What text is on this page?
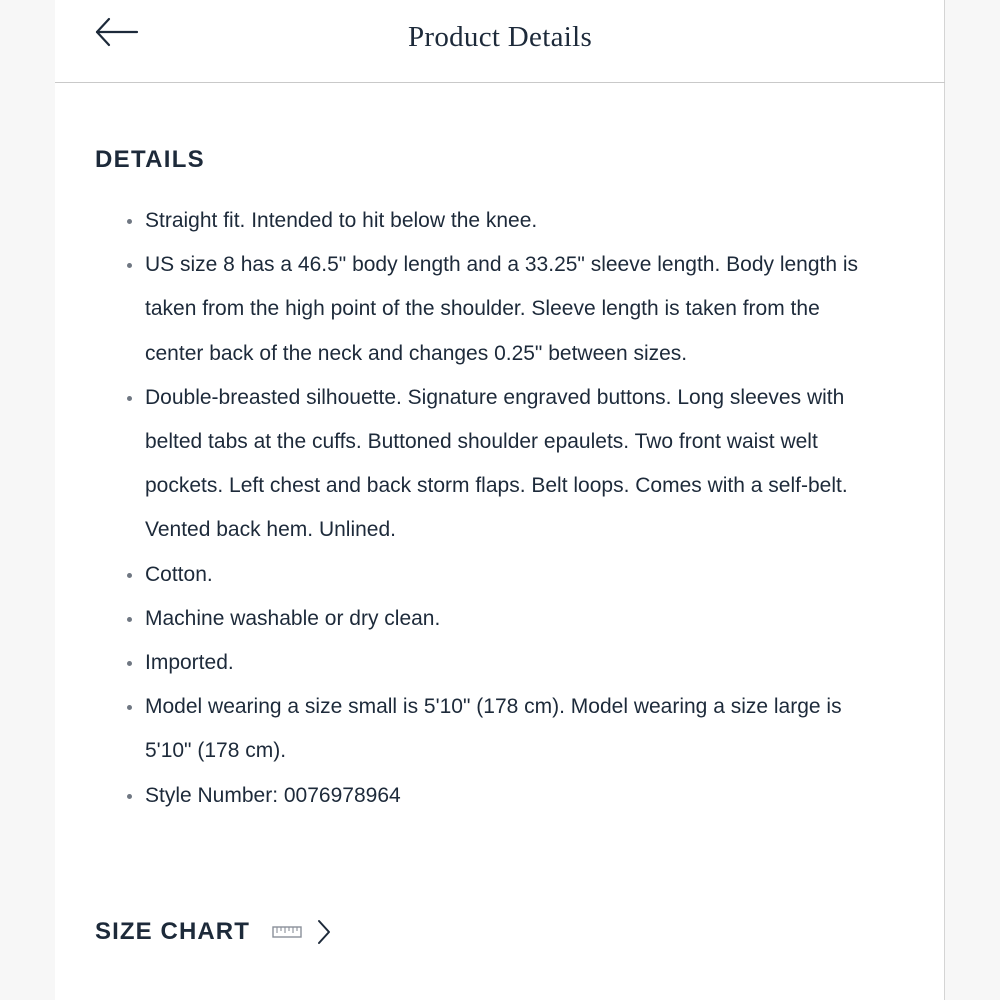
Product Details
DETAILS
Straight fit. Intended to hit below the knee.
US size 8 has a 46.5" body length and a 33.25" sleeve length. Body length is taken from the high point of the shoulder. Sleeve length is taken from the center back of the neck and changes 0.25" between sizes.
Double-breasted silhouette. Signature engraved buttons. Long sleeves with belted tabs at the cuffs. Buttoned shoulder epaulets. Two front waist welt pockets. Left chest and back storm flaps. Belt loops. Comes with a self-belt. Vented back hem. Unlined.
Cotton.
Machine washable or dry clean.
Imported.
Model wearing a size small is 5'10" (178 cm). Model wearing a size large is 5'10" (178 cm).
Style Number: 0076978964
SIZE CHART
